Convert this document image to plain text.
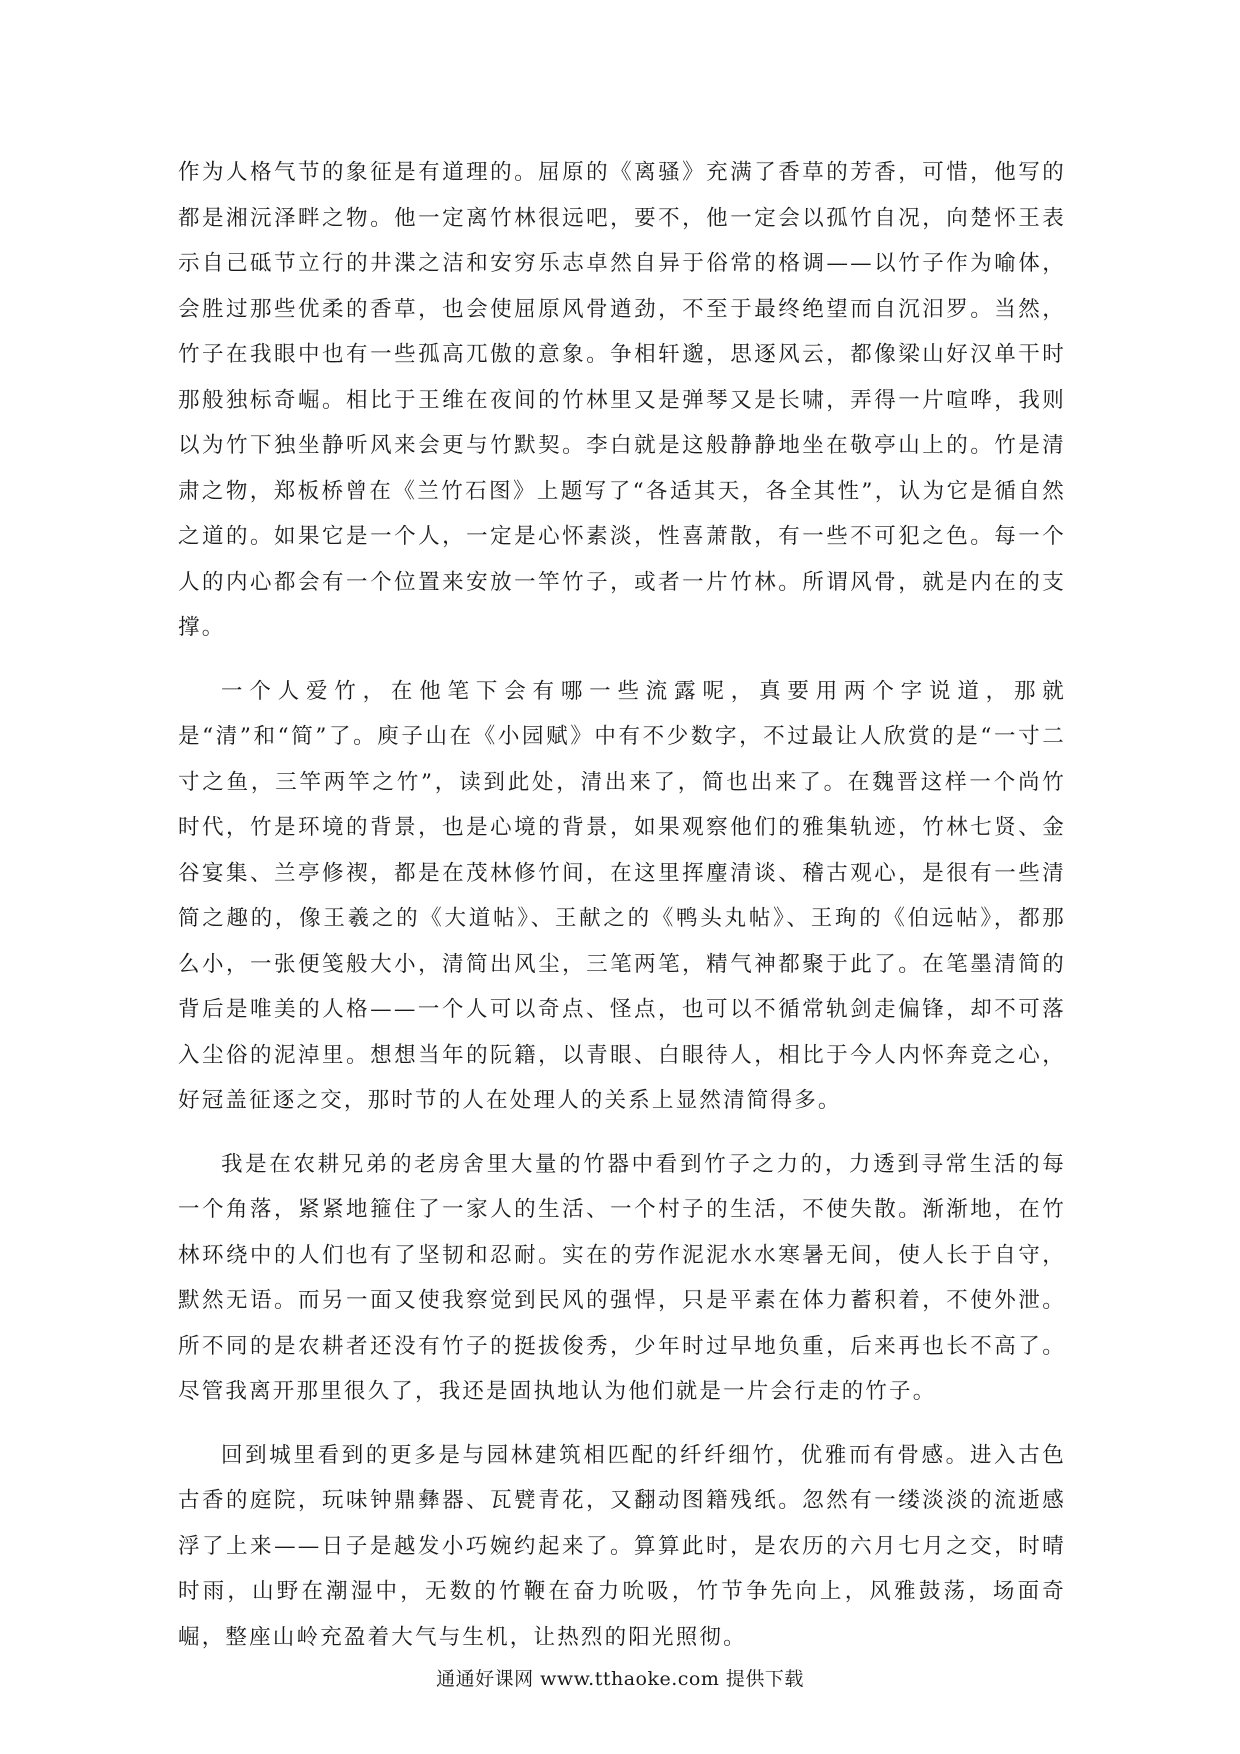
作为人格气节的象征是有道理的。屈原的《离骚》充满了香草的芳香，可惜，他写的都是湘沅泽畔之物。他一定离竹林很远吧，要不，他一定会以孤竹自况，向楚怀王表示自己砥节立行的井渫之洁和安穷乐志卓然自异于俗常的格调——以竹子作为喻体，会胜过那些优柔的香草，也会使屈原风骨遒劲，不至于最终绝望而自沉汨罗。当然，竹子在我眼中也有一些孤高兀傲的意象。争相轩邈，思逐风云，都像梁山好汉单干时那般独标奇崛。相比于王维在夜间的竹林里又是弹琴又是长啸，弄得一片喧哗，我则以为竹下独坐静听风来会更与竹默契。李白就是这般静静地坐在敬亭山上的。竹是清肃之物，郑板桥曾在《兰竹石图》上题写了“各适其天，各全其性”，认为它是循自然之道的。如果它是一个人，一定是心怀素淡，性喜萧散，有一些不可犯之色。每一个人的内心都会有一个位置来安放一竿竹子，或者一片竹林。所谓风骨，就是内在的支撑。

一个人爱竹，在他笔下会有哪一些流露呢，真要用两个字说道，那就是“清”和“简”了。庾子山在《小园赋》中有不少数字，不过最让人欣赏的是“一寸二寸之鱼，三竿两竿之竹”，读到此处，清出来了，简也出来了。在魏晋这样一个尚竹时代，竹是环境的背景，也是心境的背景，如果观察他们的雅集轨迹，竹林七贤、金谷宴集、兰亭修禊，都是在茂林修竹间，在这里挥麈清谈、稽古观心，是很有一些清简之趣的，像王羲之的《大道帖》、王献之的《鸭头丸帖》、王珣的《伯远帖》，都那么小，一张便笺般大小，清简出风尘，三笔两笔，精气神都聚于此了。在笔墨清简的背后是唯美的人格——一个人可以奇点、怪点，也可以不循常轨剑走偏锋，却不可落入尘俗的泥淖里。想想当年的阮籍，以青眼、白眼待人，相比于今人内怀奔竞之心，好冠盖征逐之交，那时节的人在处理人的关系上显然清简得多。

我是在农耕兄弟的老房舍里大量的竹器中看到竹子之力的，力透到寻常生活的每一个角落，紧紧地箍住了一家人的生活、一个村子的生活，不使失散。渐渐地，在竹林环绕中的人们也有了坚韧和忍耐。实在的劳作泥泥水水寒暑无间，使人长于自守，默然无语。而另一面又使我察觉到民风的强悍，只是平素在体力蓄积着，不使外泄。所不同的是农耕者还没有竹子的挺拔俊秀，少年时过早地负重，后来再也长不高了。尽管我离开那里很久了，我还是固执地认为他们就是一片会行走的竹子。

回到城里看到的更多是与园林建筑相匹配的纤纤细竹，优雅而有骨感。进入古色古香的庭院，玩味钟鼎彝器、瓦甓青花，又翻动图籍残纸。忽然有一缕淡淡的流逝感浮了上来——日子是越发小巧婉约起来了。算算此时，是农历的六月七月之交，时晴时雨，山野在潮湿中，无数的竹鞭在奋力吮吸，竹节争先向上，风雅鼓荡，场面奇崛，整座山岭充盈着大气与生机，让热烈的阳光照彻。

通通好课网 www.tthaoke.com 提供下载
